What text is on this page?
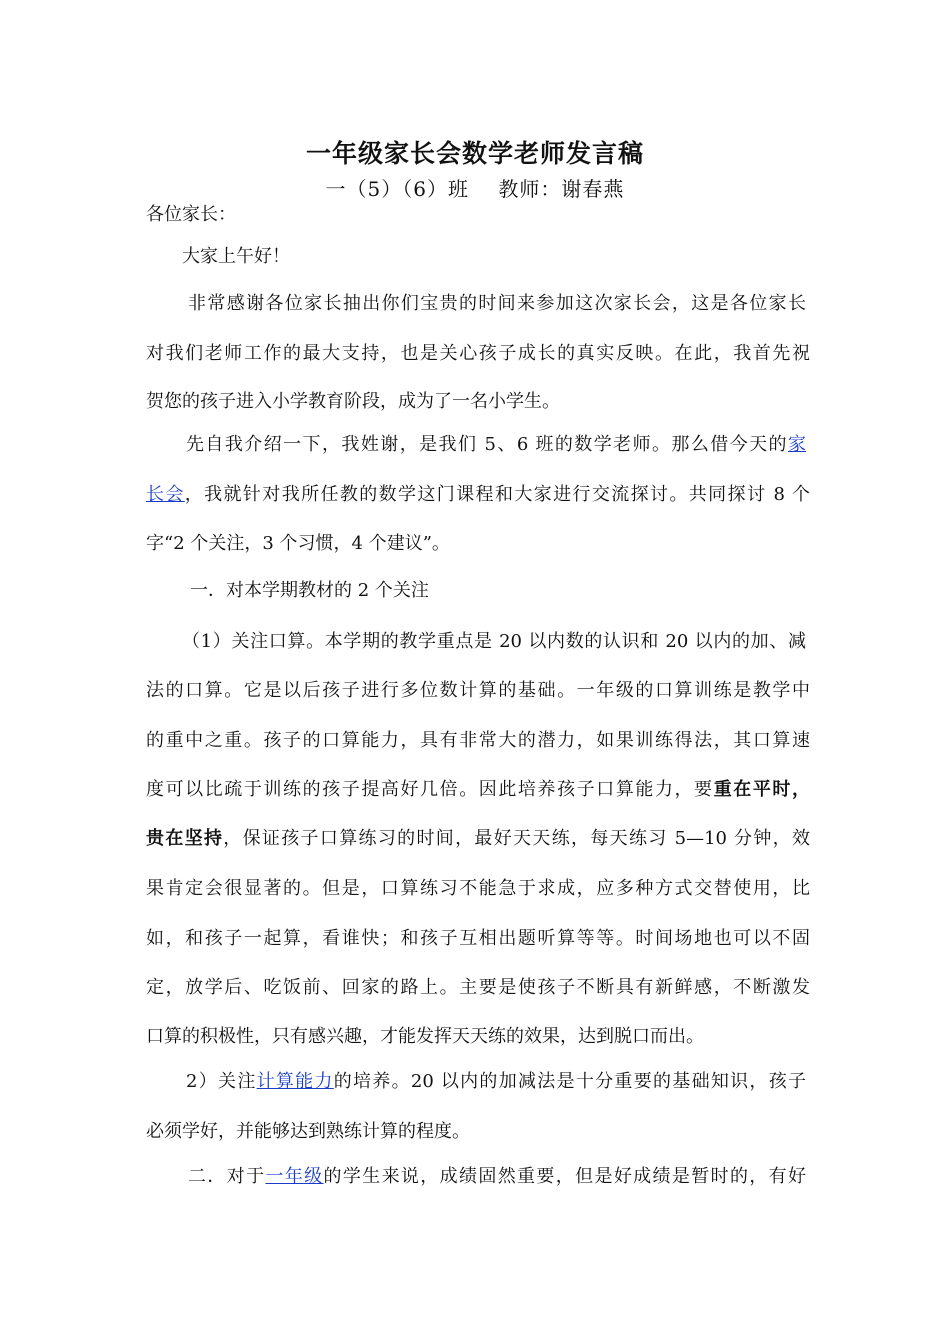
一年级家长会数学老师发言稿
一（5）（6）班    教师：谢春燕
各位家长：
大家上午好！
非常感谢各位家长抽出你们宝贵的时间来参加这次家长会，这是各位家长
对我们老师工作的最大支持，也是关心孩子成长的真实反映。在此，我首先祝
贺您的孩子进入小学教育阶段，成为了一名小学生。
先自我介绍一下，我姓谢，是我们 5、6 班的数学老师。那么借今天的家
长会，我就针对我所任教的数学这门课程和大家进行交流探讨。共同探讨 8 个
字“2 个关注，3 个习惯，4 个建议”。
一．对本学期教材的 2 个关注
（1）关注口算。本学期的教学重点是 20 以内数的认识和 20 以内的加、减
法的口算。它是以后孩子进行多位数计算的基础。一年级的口算训练是教学中
的重中之重。孩子的口算能力，具有非常大的潜力，如果训练得法，其口算速
度可以比疏于训练的孩子提高好几倍。因此培养孩子口算能力，要重在平时，
贵在坚持，保证孩子口算练习的时间，最好天天练，每天练习 5—10 分钟，效
果肯定会很显著的。但是，口算练习不能急于求成，应多种方式交替使用，比
如，和孩子一起算，看谁快；和孩子互相出题听算等等。时间场地也可以不固
定，放学后、吃饭前、回家的路上。主要是使孩子不断具有新鲜感，不断激发
口算的积极性，只有感兴趣，才能发挥天天练的效果，达到脱口而出。
2）关注计算能力的培养。20 以内的加减法是十分重要的基础知识，孩子
必须学好，并能够达到熟练计算的程度。
二．对于一年级的学生来说，成绩固然重要，但是好成绩是暂时的，有好
